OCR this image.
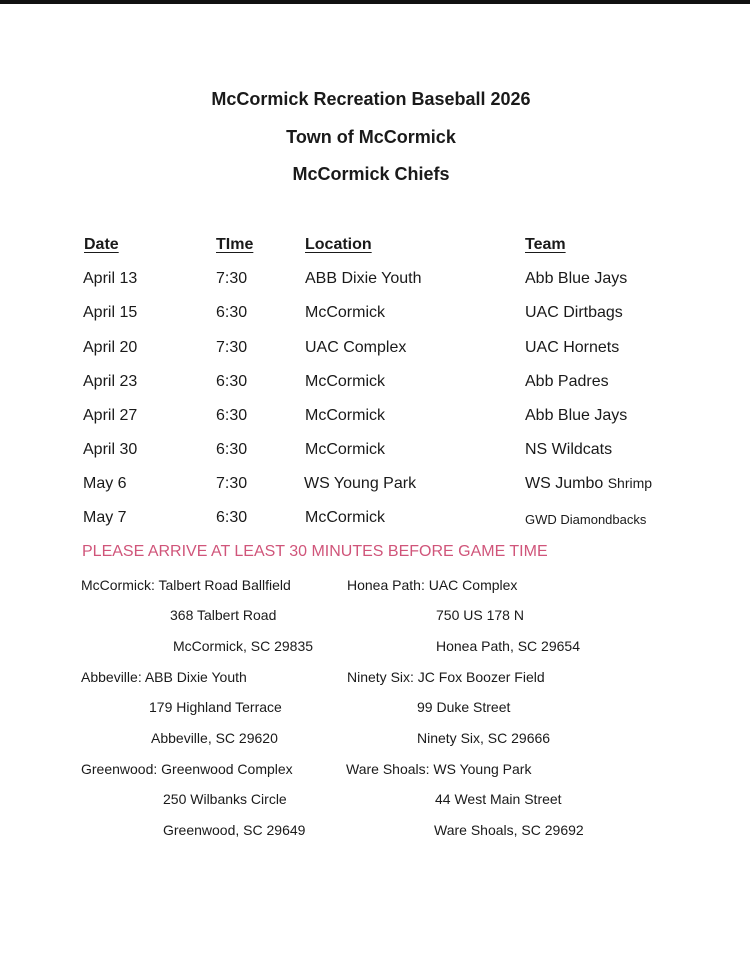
McCormick Recreation Baseball 2026
Town of McCormick
McCormick Chiefs
Date	TIme	Location	Team
April 13	7:30	ABB Dixie Youth	Abb Blue Jays
April 15	6:30	McCormick	UAC Dirtbags
April 20	7:30	UAC Complex	UAC Hornets
April 23	6:30	McCormick	Abb Padres
April 27	6:30	McCormick	Abb Blue Jays
April 30	6:30	McCormick	NS Wildcats
May 6	7:30	WS Young Park	WS Jumbo Shrimp
May 7	6:30	McCormick	GWD Diamondbacks
PLEASE ARRIVE AT LEAST 30 MINUTES BEFORE GAME TIME
McCormick: Talbert Road Ballfield
368 Talbert Road
McCormick, SC 29835
Honea Path: UAC Complex
750 US 178 N
Honea Path, SC 29654
Abbeville: ABB Dixie Youth
179 Highland Terrace
Abbeville, SC 29620
Ninety Six: JC Fox Boozer Field
99 Duke Street
Ninety Six, SC 29666
Greenwood: Greenwood Complex
250 Wilbanks Circle
Greenwood, SC 29649
Ware Shoals: WS Young Park
44 West Main Street
Ware Shoals, SC 29692
